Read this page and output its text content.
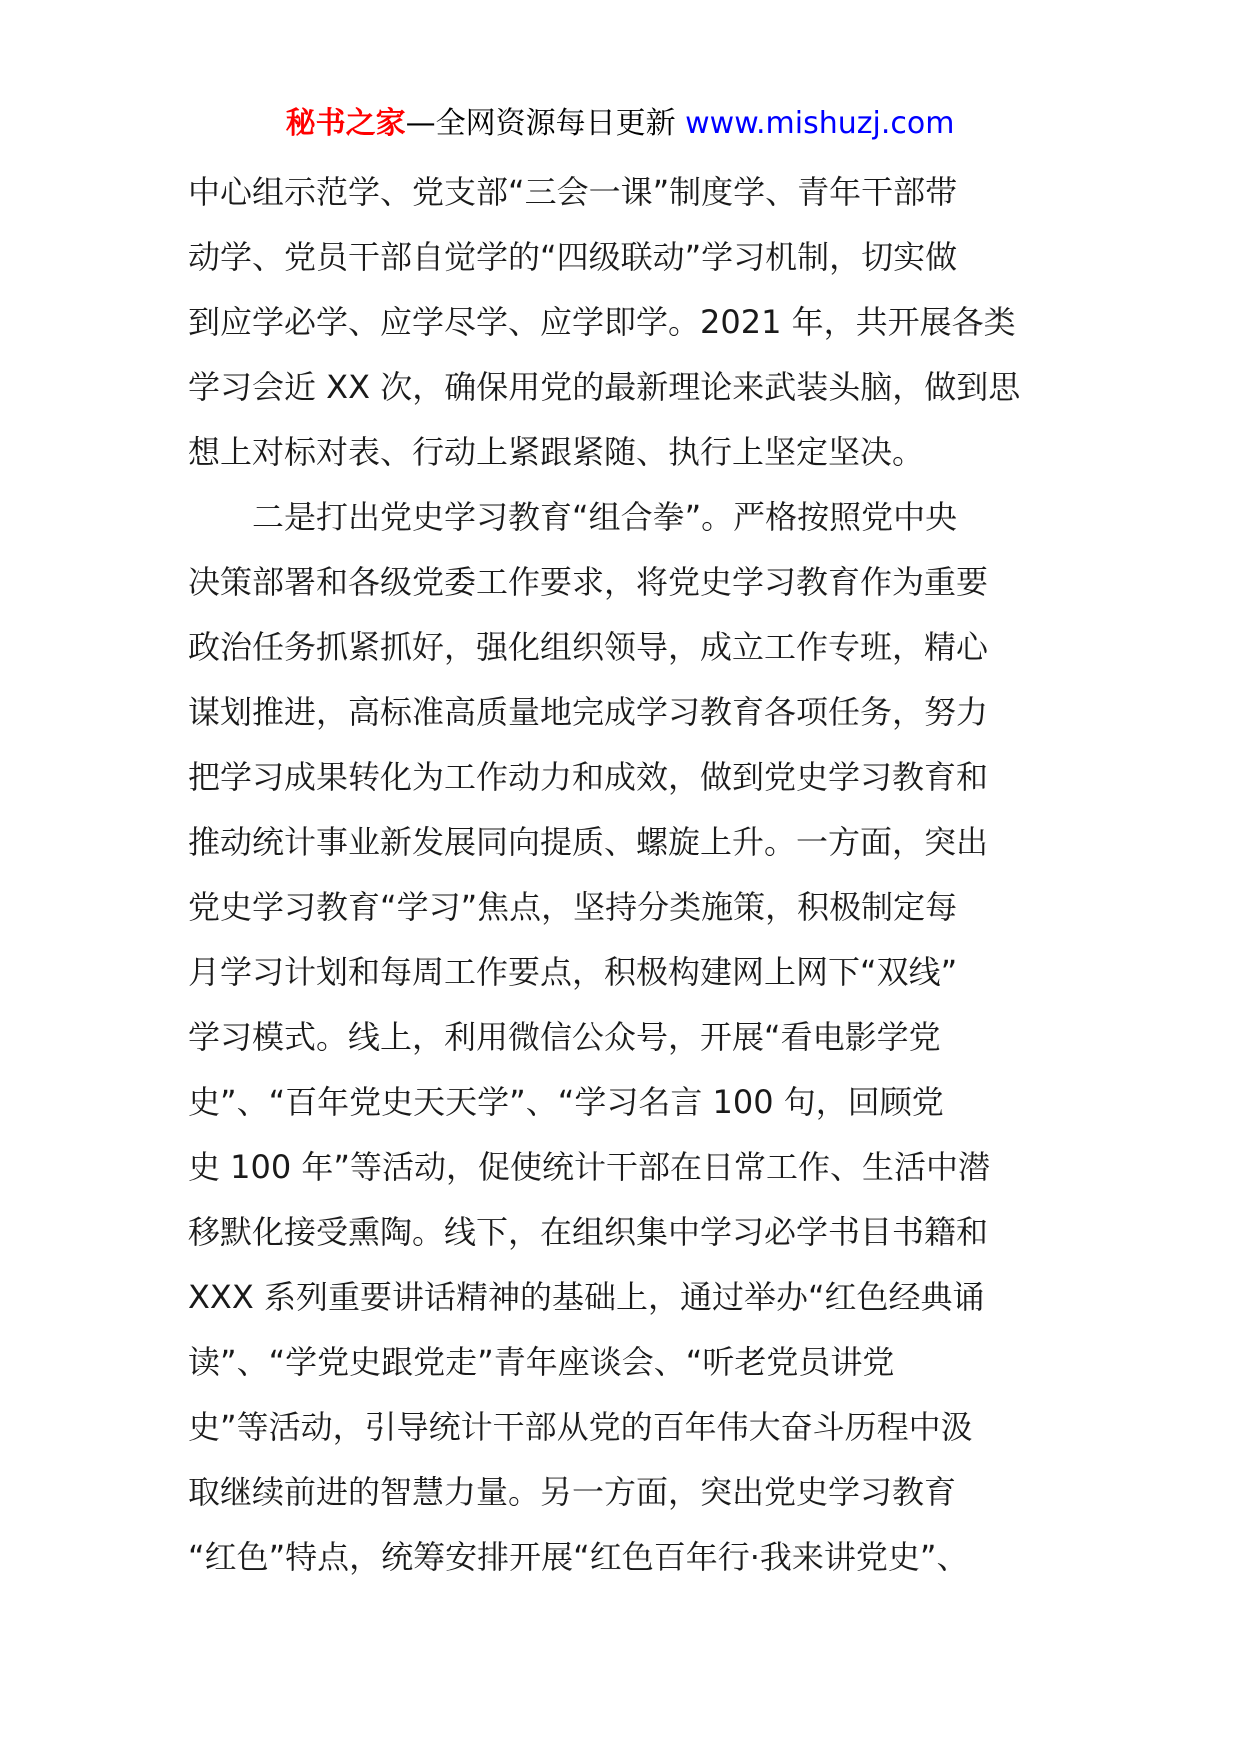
秘书之家—全网资源每日更新 www.mishuzj.com
中心组示范学、党支部“三会一课”制度学、青年干部带
动学、党员干部自觉学的“四级联动”学习机制，切实做
到应学必学、应学尽学、应学即学。2021 年，共开展各类
学习会近 XX 次，确保用党的最新理论来武装头脑，做到思
想上对标对表、行动上紧跟紧随、执行上坚定坚决。
　　二是打出党史学习教育“组合拳”。严格按照党中央
决策部署和各级党委工作要求，将党史学习教育作为重要
政治任务抓紧抓好，强化组织领导，成立工作专班，精心
谋划推进，高标准高质量地完成学习教育各项任务，努力
把学习成果转化为工作动力和成效，做到党史学习教育和
推动统计事业新发展同向提质、螺旋上升。一方面，突出
党史学习教育“学习”焦点，坚持分类施策，积极制定每
月学习计划和每周工作要点，积极构建网上网下“双线”
学习模式。线上，利用微信公众号，开展“看电影学党
史”、“百年党史天天学”、“学习名言 100 句，回顾党
史 100 年”等活动，促使统计干部在日常工作、生活中潜
移默化接受熏陶。线下，在组织集中学习必学书目书籍和
XXX 系列重要讲话精神的基础上，通过举办“红色经典诵
读”、“学党史跟党走”青年座谈会、“听老党员讲党
史”等活动，引导统计干部从党的百年伟大奋斗历程中汲
取继续前进的智慧力量。另一方面，突出党史学习教育
“红色”特点，统筹安排开展“红色百年行·我来讲党史”、
